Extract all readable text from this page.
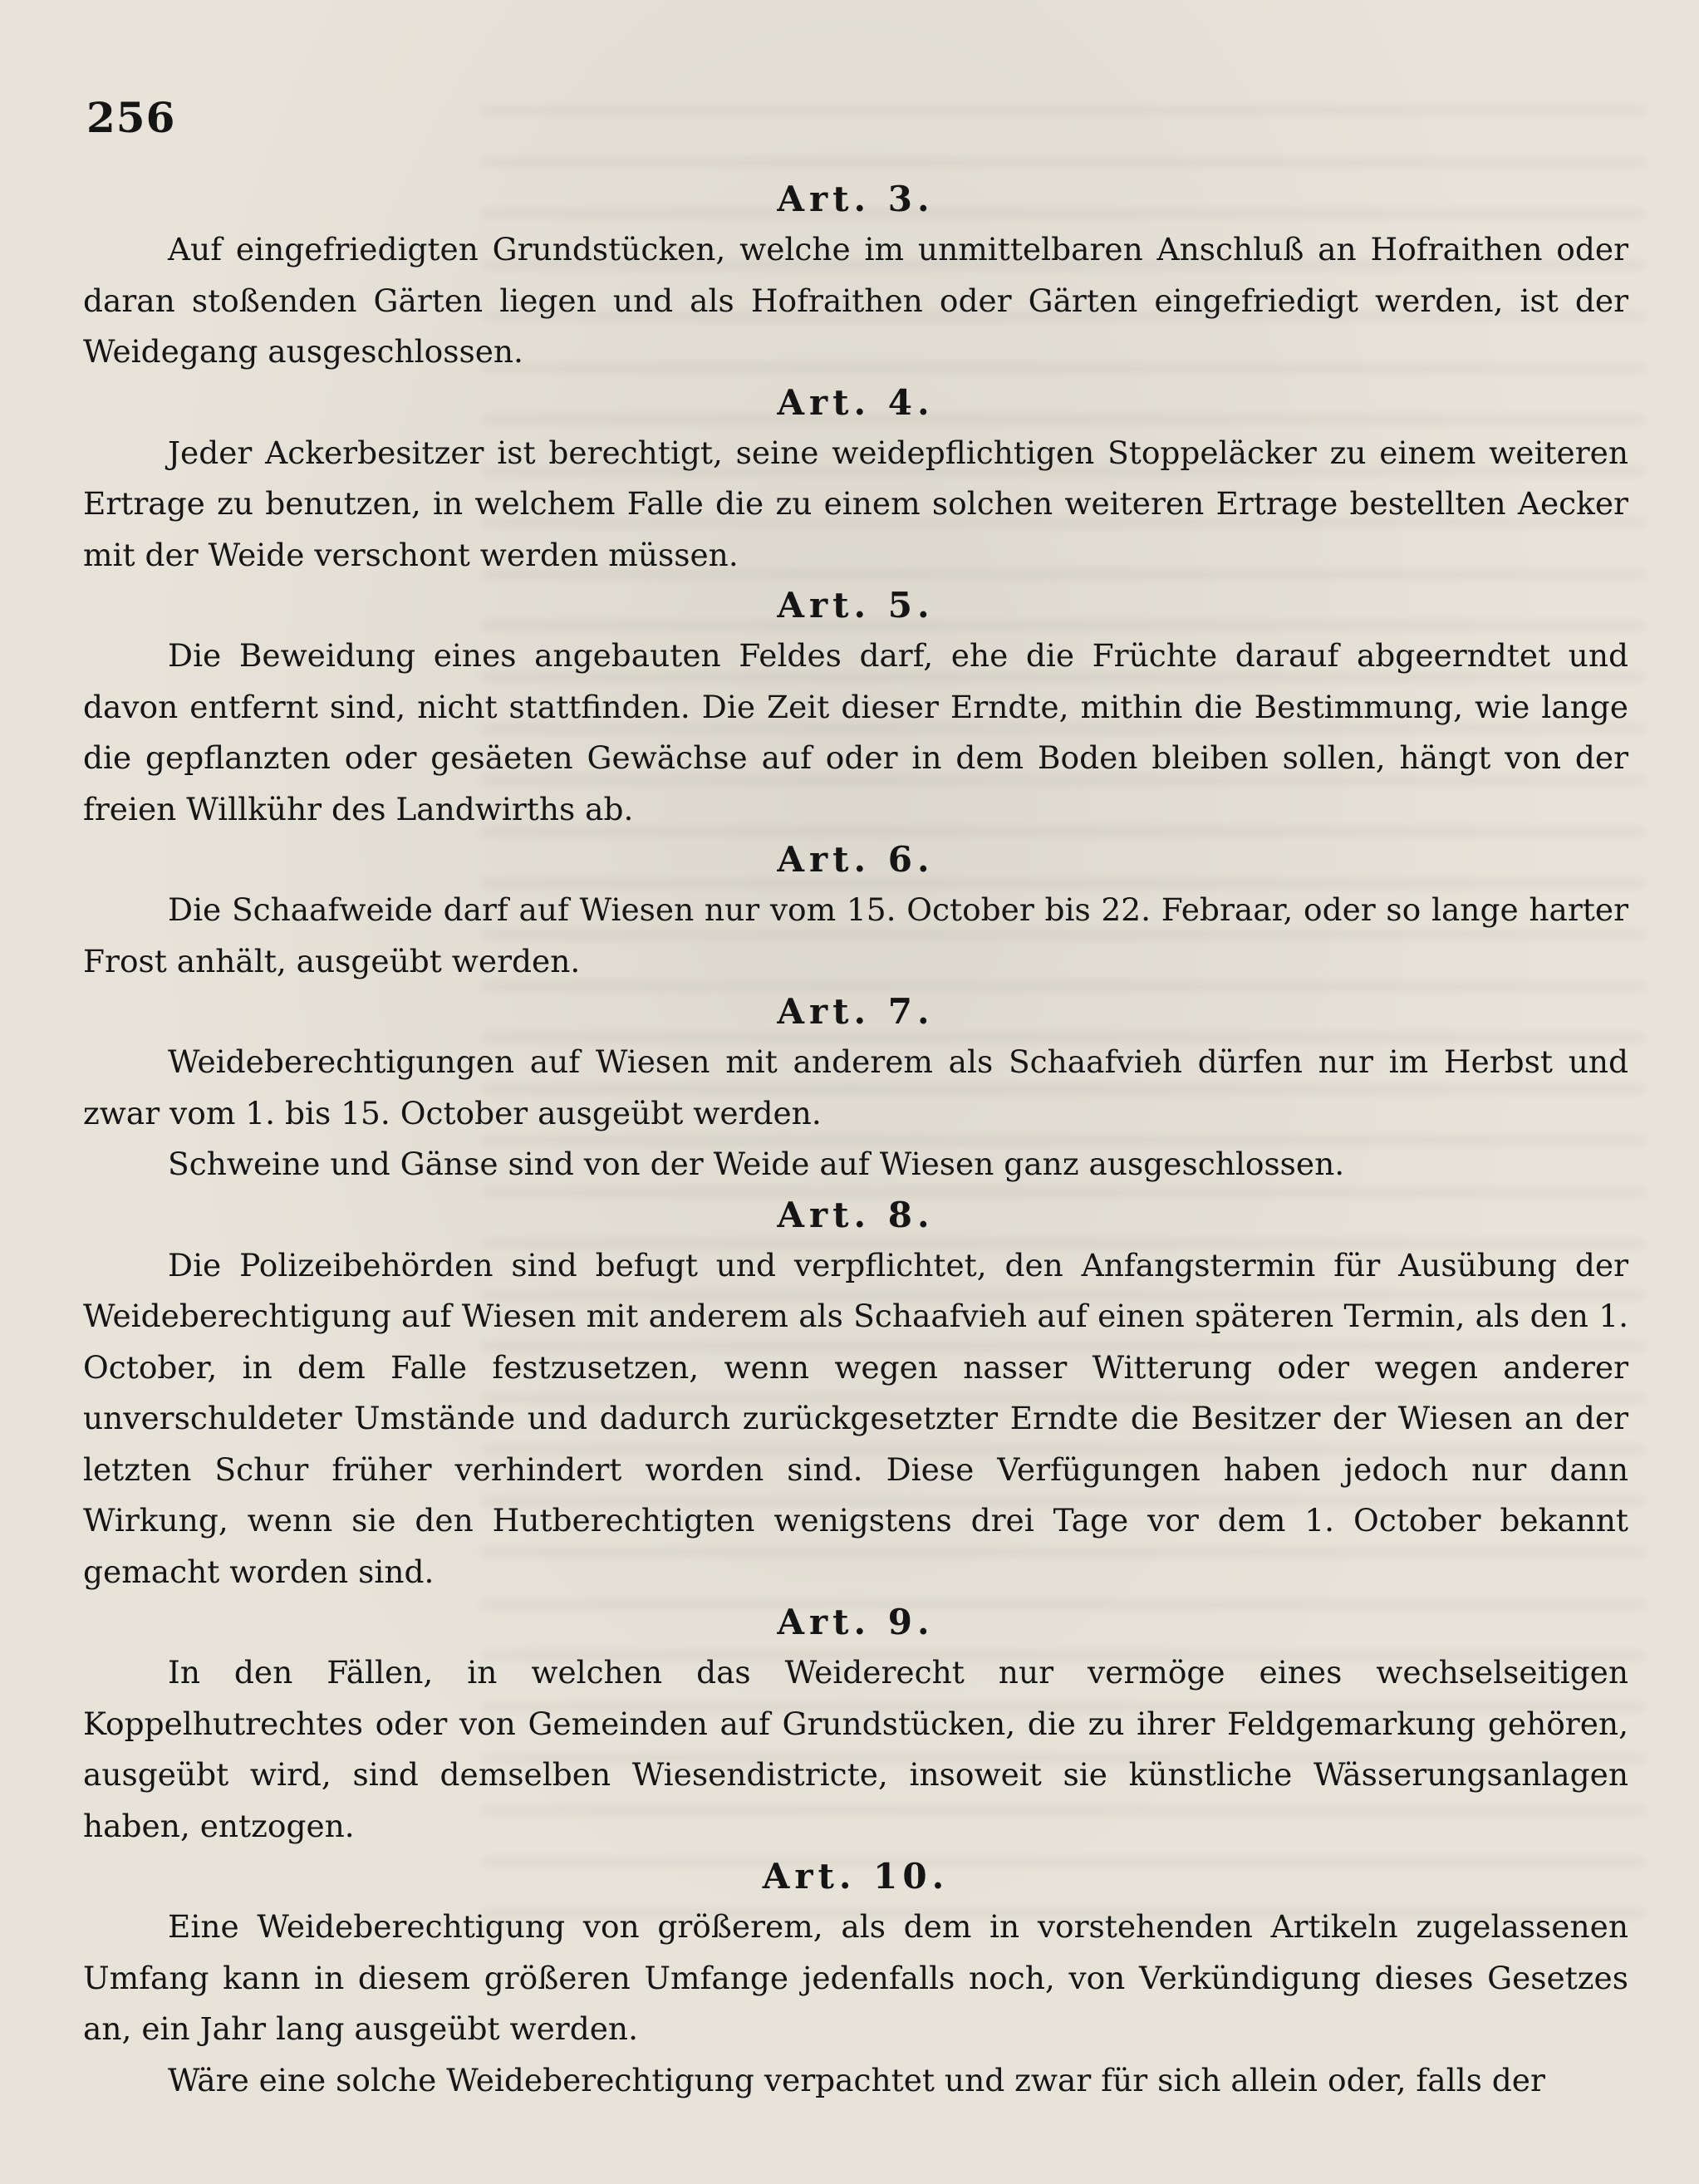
256
Art. 3.

Auf eingefriedigten Grundstücken, welche im unmittelbaren Anschluß an Hofraithen oder daran stoßenden Gärten liegen und als Hofraithen oder Gärten eingefriedigt werden, ist der Weidegang ausgeschlossen.

Art. 4.

Jeder Ackerbesitzer ist berechtigt, seine weidepflichtigen Stoppeläcker zu einem weiteren Ertrage zu benutzen, in welchem Falle die zu einem solchen weiteren Ertrage bestellten Aecker mit der Weide verschont werden müssen.

Art. 5.

Die Beweidung eines angebauten Feldes darf, ehe die Früchte darauf abgeerndtet und davon entfernt sind, nicht stattfinden. Die Zeit dieser Erndte, mithin die Bestimmung, wie lange die gepflanzten oder gesäeten Gewächse auf oder in dem Boden bleiben sollen, hängt von der freien Willkühr des Landwirths ab.

Art. 6.

Die Schaafweide darf auf Wiesen nur vom 15. October bis 22. Febraar, oder so lange harter Frost anhält, ausgeübt werden.

Art. 7.

Weideberechtigungen auf Wiesen mit anderem als Schaafvieh dürfen nur im Herbst und zwar vom 1. bis 15. October ausgeübt werden.

Schweine und Gänse sind von der Weide auf Wiesen ganz ausgeschlossen.

Art. 8.

Die Polizeibehörden sind befugt und verpflichtet, den Anfangstermin für Ausübung der Weideberechtigung auf Wiesen mit anderem als Schaafvieh auf einen späteren Termin, als den 1. October, in dem Falle festzusetzen, wenn wegen nasser Witterung oder wegen anderer unverschuldeter Umstände und dadurch zurückgesetzter Erndte die Besitzer der Wiesen an der letzten Schur früher verhindert worden sind. Diese Verfügungen haben jedoch nur dann Wirkung, wenn sie den Hutberechtigten wenigstens drei Tage vor dem 1. October bekannt gemacht worden sind.

Art. 9.

In den Fällen, in welchen das Weiderecht nur vermöge eines wechselseitigen Koppelhutrechtes oder von Gemeinden auf Grundstücken, die zu ihrer Feldgemarkung gehören, ausgeübt wird, sind demselben Wiesendistricte, insoweit sie künstliche Wässerungsanlagen haben, entzogen.

Art. 10.

Eine Weideberechtigung von größerem, als dem in vorstehenden Artikeln zugelassenen Umfang kann in diesem größeren Umfange jedenfalls noch, von Verkündigung dieses Gesetzes an, ein Jahr lang ausgeübt werden.

Wäre eine solche Weideberechtigung verpachtet und zwar für sich allein oder, falls der
